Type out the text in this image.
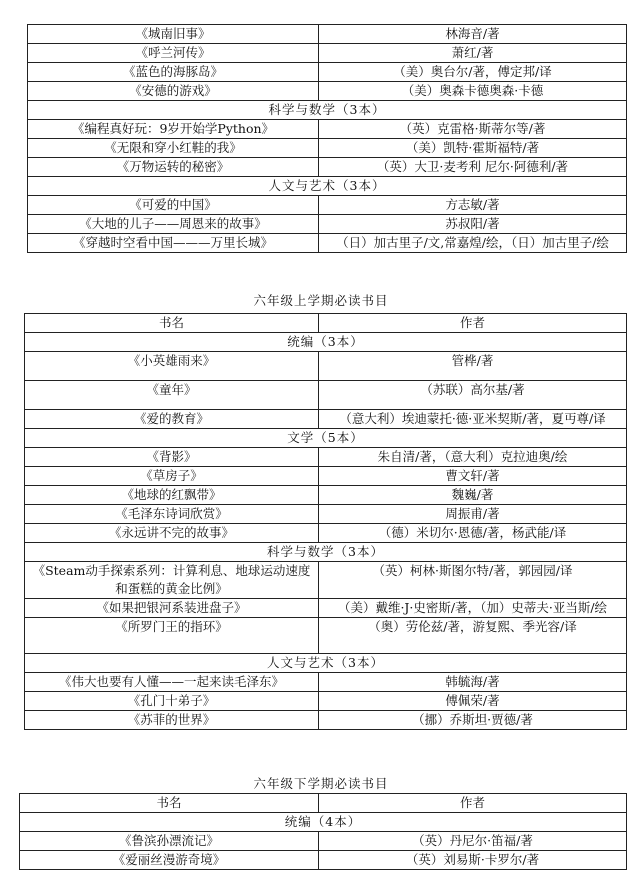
《城南旧事》	林海音/著
《呼兰河传》	萧红/著
《蓝色的海豚岛》	（美）奥台尔/著，傅定邦/译
《安德的游戏》	（美）奥森卡德奥森·卡德
科学与数学（3本）	
《编程真好玩：9岁开始学Python》	（英）克雷格·斯蒂尔等/著
《无限和穿小红鞋的我》	（美）凯特·霍斯福特/著
《万物运转的秘密》	（英）大卫·麦考利 尼尔·阿德利/著
人文与艺术（3本）	
《可爱的中国》	方志敏/著
《大地的儿子——周恩来的故事》	苏叔阳/著
《穿越时空看中国———万里长城》	（日）加古里子/文,常嘉煌/绘，（日）加古里子/绘
六年级上学期必读书目
书名	作者
统编（3本）	
《小英雄雨来》	管桦/著
《童年》	（苏联）高尔基/著
《爱的教育》	（意大利）埃迪蒙托·德·亚米契斯/著，夏丏尊/译
文学（5本）	
《背影》	朱自清/著，（意大利）克拉迪奥/绘
《草房子》	曹文轩/著
《地球的红飘带》	魏巍/著
《毛泽东诗词欣赏》	周振甫/著
《永远讲不完的故事》	（德）米切尔·恩德/著，杨武能/译
科学与数学（3本）	
《Steam动手探索系列：计算利息、地球运动速度和蛋糕的黄金比例》	（英）柯林·斯图尔特/著，郭园园/译
《如果把银河系装进盘子》	（美）戴维·J·史密斯/著，（加）史蒂夫·亚当斯/绘
《所罗门王的指环》	（奥）劳伦兹/著，游复熙、季光容/译
人文与艺术（3本）	
《伟大也要有人懂——一起来读毛泽东》	韩毓海/著
《孔门十弟子》	傅佩荣/著
《苏菲的世界》	（挪）乔斯坦·贾德/著
六年级下学期必读书目
书名	作者
统编（4本）	
《鲁滨孙漂流记》	（英）丹尼尔·笛福/著
《爱丽丝漫游奇境》	（英）刘易斯·卡罗尔/著
